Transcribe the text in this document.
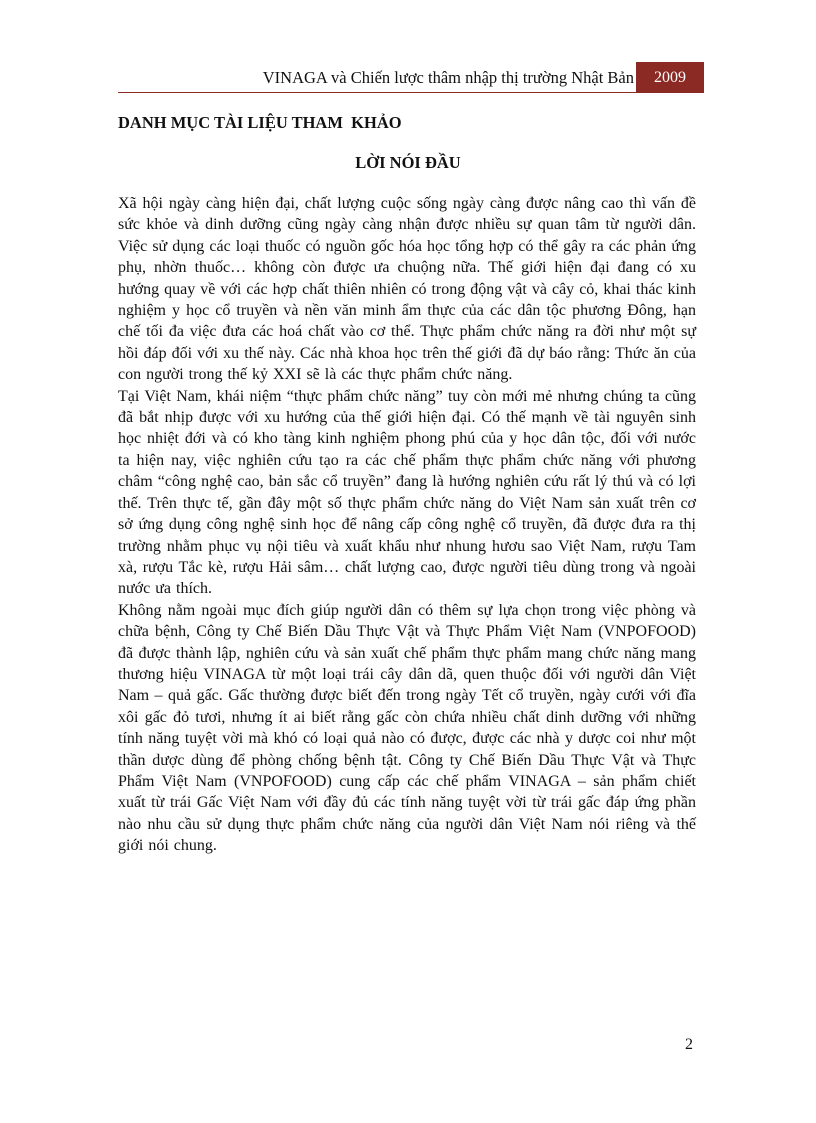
VINAGA và Chiến lược thâm nhập thị trường Nhật Bản	2009
DANH MỤC TÀI LIỆU THAM  KHẢO
LỜI NÓI ĐẦU

Xã hội ngày càng hiện đại, chất lượng cuộc sống ngày càng được nâng cao thì vấn đề sức khỏe và dinh dưỡng cũng ngày càng nhận được nhiều sự quan tâm từ người dân. Việc sử dụng các loại thuốc có nguồn gốc hóa học tổng hợp có thể gây ra các phản ứng phụ, nhờn thuốc… không còn được ưa chuộng nữa. Thế giới hiện đại đang có xu hướng quay về với các hợp chất thiên nhiên có trong động vật và cây cỏ, khai thác kinh nghiệm y học cổ truyền và nền văn minh ẩm thực của các dân tộc phương Đông, hạn chế tối đa việc đưa các hoá chất vào cơ thể. Thực phẩm chức năng ra đời như một sự hồi đáp đối với xu thế này. Các nhà khoa học trên thế giới đã dự báo rằng: Thức ăn của con người trong thế kỷ XXI sẽ là các thực phẩm chức năng.

Tại Việt Nam, khái niệm “thực phẩm chức năng” tuy còn mới mẻ nhưng chúng ta cũng đã bắt nhịp được với xu hướng của thế giới hiện đại. Có thế mạnh về tài nguyên sinh học nhiệt đới và có kho tàng kinh nghiệm phong phú của y học dân tộc, đối với nước ta hiện nay, việc nghiên cứu tạo ra các chế phẩm thực phẩm chức năng với phương châm “công nghệ cao, bản sắc cổ truyền” đang là hướng nghiên cứu rất lý thú và có lợi thế. Trên thực tế, gần đây một số thực phẩm chức năng do Việt Nam sản xuất trên cơ sở ứng dụng công nghệ sinh học để nâng cấp công nghệ cổ truyền, đã được đưa ra thị trường nhằm phục vụ nội tiêu và xuất khẩu như nhung hươu sao Việt Nam, rượu Tam xà, rượu Tắc kè, rượu Hải sâm… chất lượng cao, được người tiêu dùng trong và ngoài nước ưa thích.

Không nằm ngoài mục đích giúp người dân có thêm sự lựa chọn trong việc phòng và chữa bệnh, Công ty Chế Biến Dầu Thực Vật và Thực Phẩm Việt Nam (VNPOFOOD) đã được thành lập, nghiên cứu và sản xuất chế phẩm thực phẩm mang chức năng mang thương hiệu VINAGA từ một loại trái cây dân dã, quen thuộc đối với người dân Việt Nam – quả gấc. Gấc thường được biết đến trong ngày Tết cổ truyền, ngày cưới với đĩa xôi gấc đỏ tươi, nhưng ít ai biết rằng gấc còn chứa nhiều chất dinh dưỡng với những tính năng tuyệt vời mà khó có loại quả nào có được, được các nhà y dược coi như một thần dược dùng để phòng chống bệnh tật. Công ty Chế Biến Dầu Thực Vật và Thực Phẩm Việt Nam (VNPOFOOD) cung cấp các chế phẩm VINAGA – sản phẩm chiết xuất từ trái Gấc Việt Nam với đầy đủ các tính năng tuyệt vời từ trái gấc đáp ứng phần nào nhu cầu sử dụng thực phẩm chức năng của người dân Việt Nam nói riêng và thế giới nói chung.

2
